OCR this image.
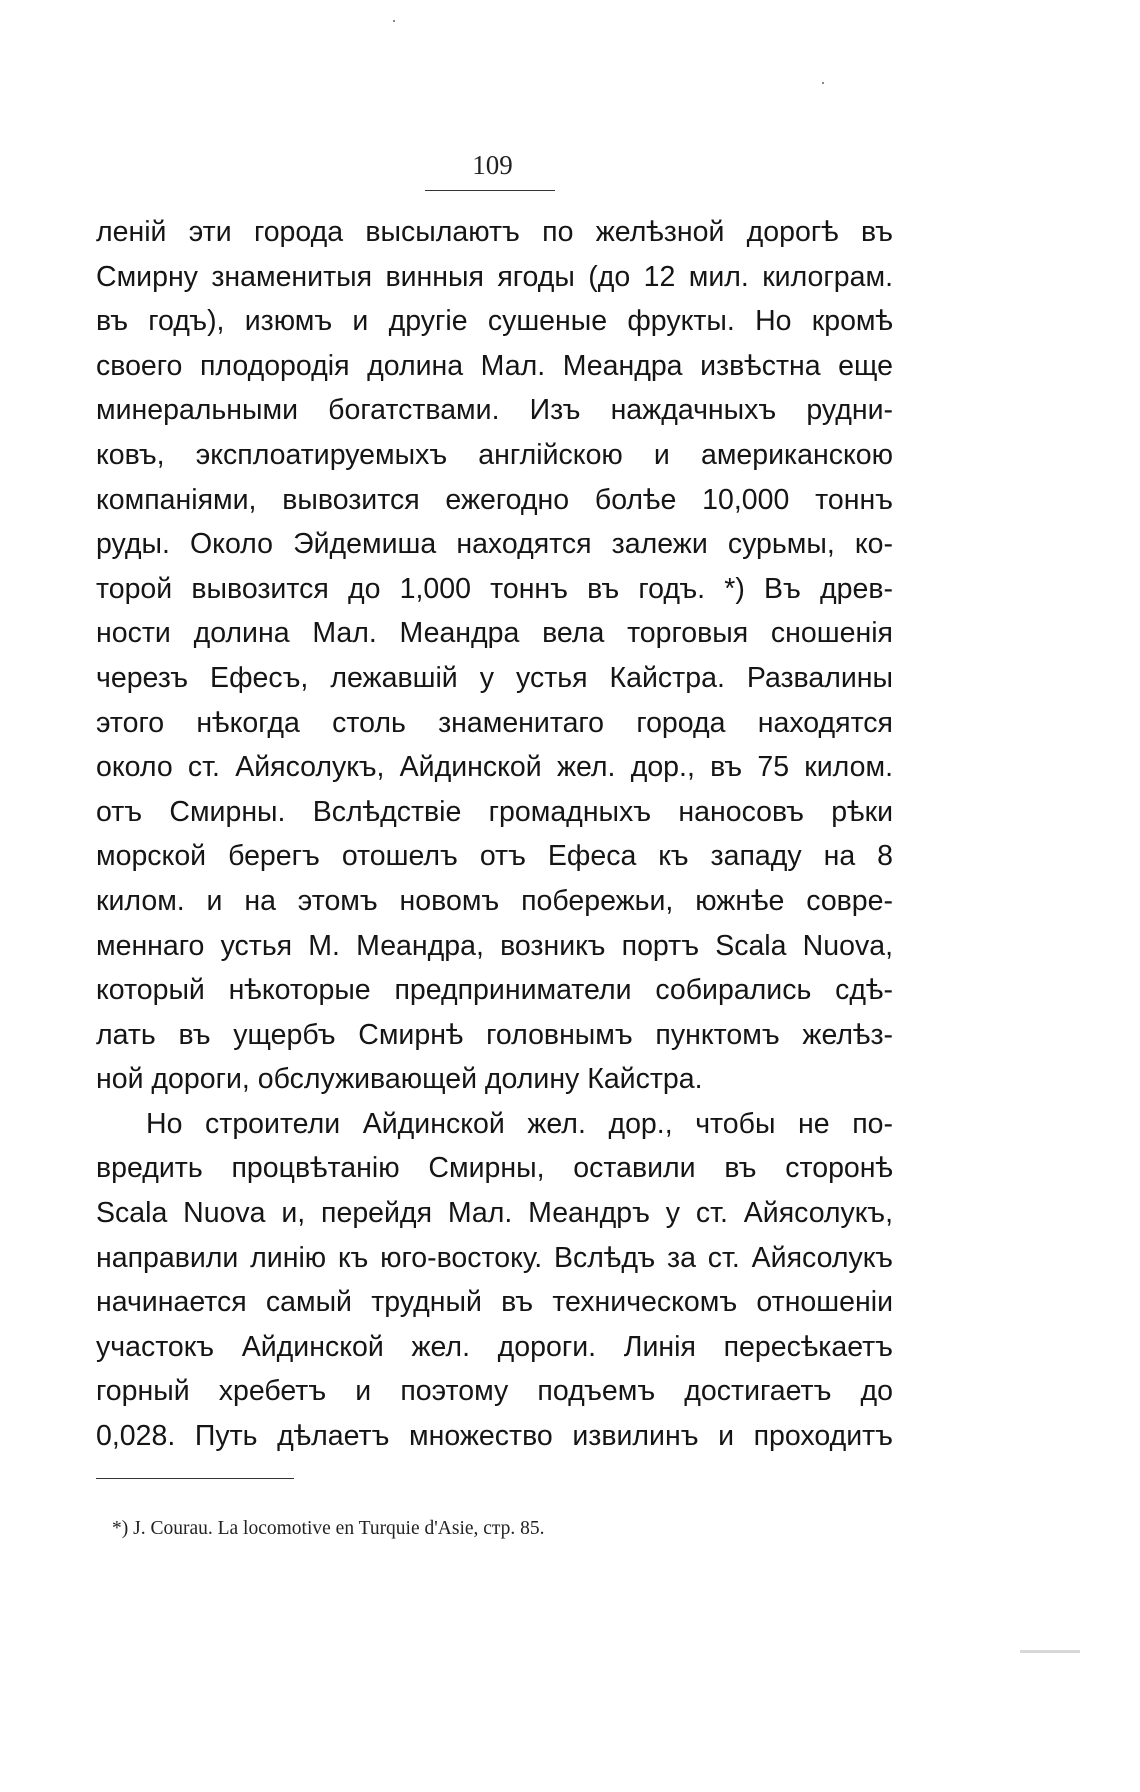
109
леній эти города высылаютъ по желѣзной дорогѣ въ
Смирну знаменитыя винныя ягоды (до 12 мил. килограм.
въ годъ), изюмъ и другіе сушеные фрукты. Но кромѣ
своего плодородія долина Мал. Меандра извѣстна еще
минеральными богатствами. Изъ наждачныхъ рудни-
ковъ, эксплоатируемыхъ англійскою и американскою
компаніями, вывозится ежегодно болѣе 10,000 тоннъ
руды. Около Эйдемиша находятся залежи сурьмы, ко-
торой вывозится до 1,000 тоннъ въ годъ. *) Въ древ-
ности долина Мал. Меандра вела торговыя сношенія
черезъ Ефесъ, лежавшій у устья Кайстра. Развалины
этого нѣкогда столь знаменитаго города находятся
около ст. Айясолукъ, Айдинской жел. дор., въ 75 килом.
отъ Смирны. Вслѣдствіе громадныхъ наносовъ рѣки
морской берегъ отошелъ отъ Ефеса къ западу на 8
килом. и на этомъ новомъ побережьи, южнѣе совре-
меннаго устья М. Меандра, возникъ портъ Scala Nuova,
который нѣкоторые предприниматели собирались сдѣ-
лать въ ущербъ Смирнѣ головнымъ пунктомъ желѣз-
ной дороги, обслуживающей долину Кайстра.
Но строители Айдинской жел. дор., чтобы не по-
вредить процвѣтанію Смирны, оставили въ сторонѣ
Scala Nuova и, перейдя Мал. Меандръ у ст. Айясолукъ,
направили линію къ юго-востоку. Вслѣдъ за ст. Айясолукъ
начинается самый трудный въ техническомъ отношеніи
участокъ Айдинской жел. дороги. Линія пересѣкаетъ
горный хребетъ и поэтому подъемъ достигаетъ до
0,028. Путь дѣлаетъ множество извилинъ и проходитъ
*) J. Courau. La locomotive en Turquie d'Asie, стр. 85.
